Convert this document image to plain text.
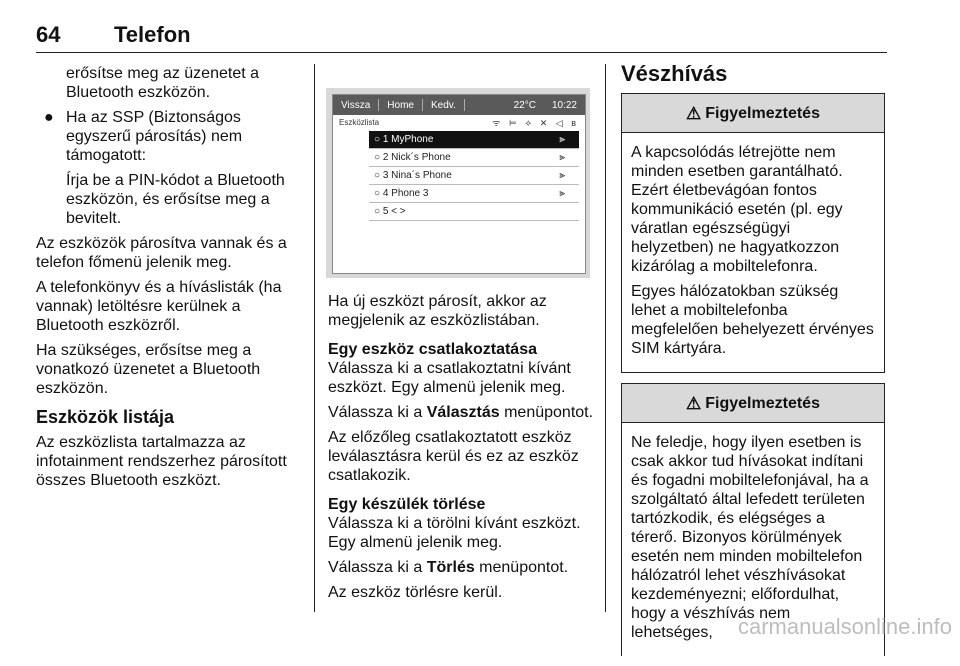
64 Telefon

erősítse meg az üzenetet a Bluetooth eszközön.

● Ha az SSP (Biztonságos egyszerű párosítás) nem támogatott:

Írja be a PIN-kódot a Bluetooth eszközön, és erősítse meg a bevitelt.

Az eszközök párosítva vannak és a telefon főmenü jelenik meg.

A telefonkönyv és a híváslisták (ha vannak) letöltésre kerülnek a Bluetooth eszközről.

Ha szükséges, erősítse meg a vonatkozó üzenetet a Bluetooth eszközön.

Eszközök listája

Az eszközlista tartalmazza az infotainment rendszerhez párosított összes Bluetooth eszközt.

Vissza	Home	Kedv.	22°C	10:22
Eszközlista	ᯤ ⊨ ⟡ ✕ ◁ ʙ
○ 1 MyPhone	⫸
○ 2 Nick´s Phone	⫸
○ 3 Nina´s Phone	⫸
○ 4 Phone 3	⫸
○ 5 < >

Ha új eszközt párosít, akkor az megjelenik az eszközlistában.

Egy eszköz csatlakoztatása

Válassza ki a csatlakoztatni kívánt eszközt. Egy almenü jelenik meg.

Válassza ki a Választás menüpontot.

Az előzőleg csatlakoztatott eszköz leválasztásra kerül és ez az eszköz csatlakozik.

Egy készülék törlése

Válassza ki a törölni kívánt eszközt. Egy almenü jelenik meg.

Válassza ki a Törlés menüpontot.

Az eszköz törlésre kerül.

Vészhívás
⚠ Figyelmeztetés

A kapcsolódás létrejötte nem minden esetben garantálható. Ezért életbevágóan fontos kommunikáció esetén (pl. egy váratlan egészségügyi helyzetben) ne hagyatkozzon kizárólag a mobiltelefonra.

Egyes hálózatokban szükség lehet a mobiltelefonba megfelelően behelyezett érvényes SIM kártyára.

⚠ Figyelmeztetés

Ne feledje, hogy ilyen esetben is csak akkor tud hívásokat indítani és fogadni mobiltelefonjával, ha a szolgáltató által lefedett területen tartózkodik, és elégséges a térerő. Bizonyos körülmények esetén nem minden mobiltelefon hálózatról lehet vészhívásokat kezdeményezni; előfordulhat, hogy a vészhívás nem lehetséges,	carmanualsonline.info
